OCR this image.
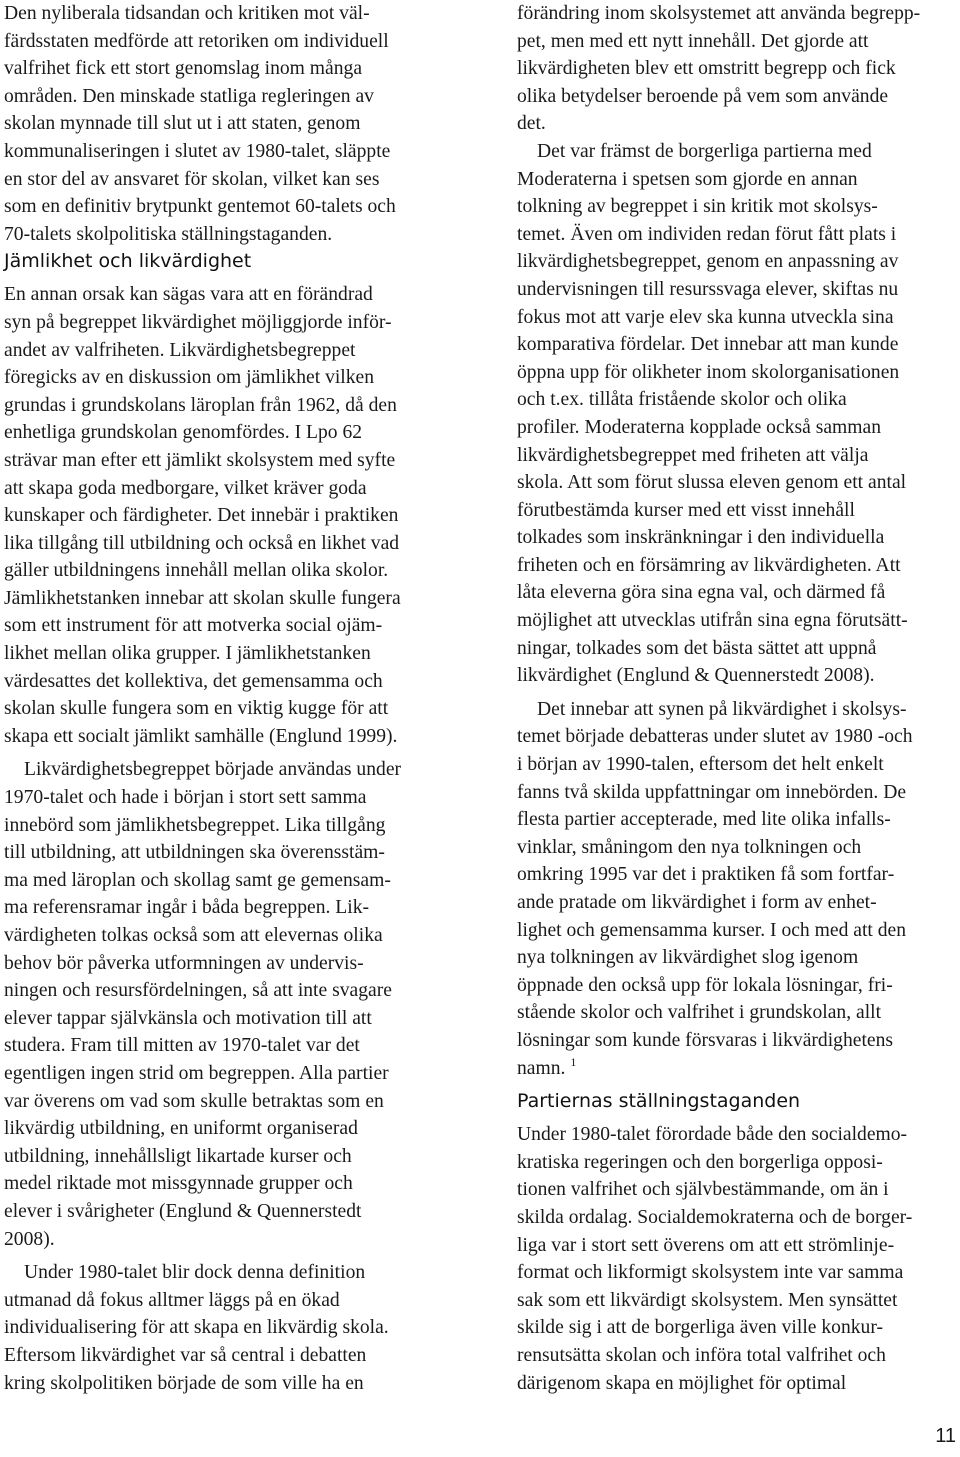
Den nyliberala tidsandan och kritiken mot väl-
färdsstaten medförde att retoriken om individuell
valfrihet fick ett stort genomslag inom många
områden. Den minskade statliga regleringen av
skolan mynnade till slut ut i att staten, genom
kommunaliseringen i slutet av 1980-talet, släppte
en stor del av ansvaret för skolan, vilket kan ses
som en definitiv brytpunkt gentemot 60-talets och
70-talets skolpolitiska ställningstaganden.
Jämlikhet och likvärdighet
En annan orsak kan sägas vara att en förändrad
syn på begreppet likvärdighet möjliggjorde inför-
andet av valfriheten. Likvärdighetsbegreppet
föregicks av en diskussion om jämlikhet vilken
grundas i grundskolans läroplan från 1962, då den
enhetliga grundskolan genomfördes. I Lpo 62
strävar man efter ett jämlikt skolsystem med syfte
att skapa goda medborgare, vilket kräver goda
kunskaper och färdigheter. Det innebär i praktiken
lika tillgång till utbildning och också en likhet vad
gäller utbildningens innehåll mellan olika skolor.
Jämlikhetstanken innebar att skolan skulle fungera
som ett instrument för att motverka social ojäm-
likhet mellan olika grupper. I jämlikhetstanken
värdesattes det kollektiva, det gemensamma och
skolan skulle fungera som en viktig kugge för att
skapa ett socialt jämlikt samhälle (Englund 1999).
Likvärdighetsbegreppet började användas under
1970-talet och hade i början i stort sett samma
innebörd som jämlikhetsbegreppet. Lika tillgång
till utbildning, att utbildningen ska överensstäm-
ma med läroplan och skollag samt ge gemensam-
ma referensramar ingår i båda begreppen. Lik-
värdigheten tolkas också som att elevernas olika
behov bör påverka utformningen av undervis-
ningen och resursfördelningen, så att inte svagare
elever tappar självkänsla och motivation till att
studera. Fram till mitten av 1970-talet var det
egentligen ingen strid om begreppen. Alla partier
var överens om vad som skulle betraktas som en
likvärdig utbildning, en uniformt organiserad
utbildning, innehållsligt likartade kurser och
medel riktade mot missgynnade grupper och
elever i svårigheter (Englund & Quennerstedt
2008).
Under 1980-talet blir dock denna definition
utmanad då fokus alltmer läggs på en ökad
individualisering för att skapa en likvärdig skola.
Eftersom likvärdighet var så central i debatten
kring skolpolitiken började de som ville ha en
förändring inom skolsystemet att använda begrepp-
pet, men med ett nytt innehåll. Det gjorde att
likvärdigheten blev ett omstritt begrepp och fick
olika betydelser beroende på vem som använde
det.
Det var främst de borgerliga partierna med
Moderaterna i spetsen som gjorde en annan
tolkning av begreppet i sin kritik mot skolsys-
temet. Även om individen redan förut fått plats i
likvärdighetsbegreppet, genom en anpassning av
undervisningen till resurssvaga elever, skiftas nu
fokus mot att varje elev ska kunna utveckla sina
komparativa fördelar. Det innebar att man kunde
öppna upp för olikheter inom skolorganisationen
och t.ex. tillåta fristående skolor och olika
profiler. Moderaterna kopplade också samman
likvärdighetsbegreppet med friheten att välja
skola. Att som förut slussa eleven genom ett antal
förutbestämda kurser med ett visst innehåll
tolkades som inskränkningar i den individuella
friheten och en försämring av likvärdigheten. Att
låta eleverna göra sina egna val, och därmed få
möjlighet att utvecklas utifrån sina egna förutsätt-
ningar, tolkades som det bästa sättet att uppnå
likvärdighet (Englund & Quennerstedt 2008).
Det innebar att synen på likvärdighet i skolsys-
temet började debatteras under slutet av 1980 -och
i början av 1990-talen, eftersom det helt enkelt
fanns två skilda uppfattningar om innebörden. De
flesta partier accepterade, med lite olika infalls-
vinklar, småningom den nya tolkningen och
omkring 1995 var det i praktiken få som fortfar-
ande pratade om likvärdighet i form av enhet-
lighet och gemensamma kurser. I och med att den
nya tolkningen av likvärdighet slog igenom
öppnade den också upp för lokala lösningar, fri-
stående skolor och valfrihet i grundskolan, allt
lösningar som kunde försvaras i likvärdighetens
namn. $^1$
Partiernas ställningstaganden
Under 1980-talet förordade både den socialdemo-
kratiska regeringen och den borgerliga opposi-
tionen valfrihet och självbestämmande, om än i
skilda ordalag. Socialdemokraterna och de borger-
liga var i stort sett överens om att ett strömlinje-
format och likformigt skolsystem inte var samma
sak som ett likvärdigt skolsystem. Men synsättet
skilde sig i att de borgerliga även ville konkur-
rensutsätta skolan och införa total valfrihet och
därigenom skapa en möjlighet för optimal
11
